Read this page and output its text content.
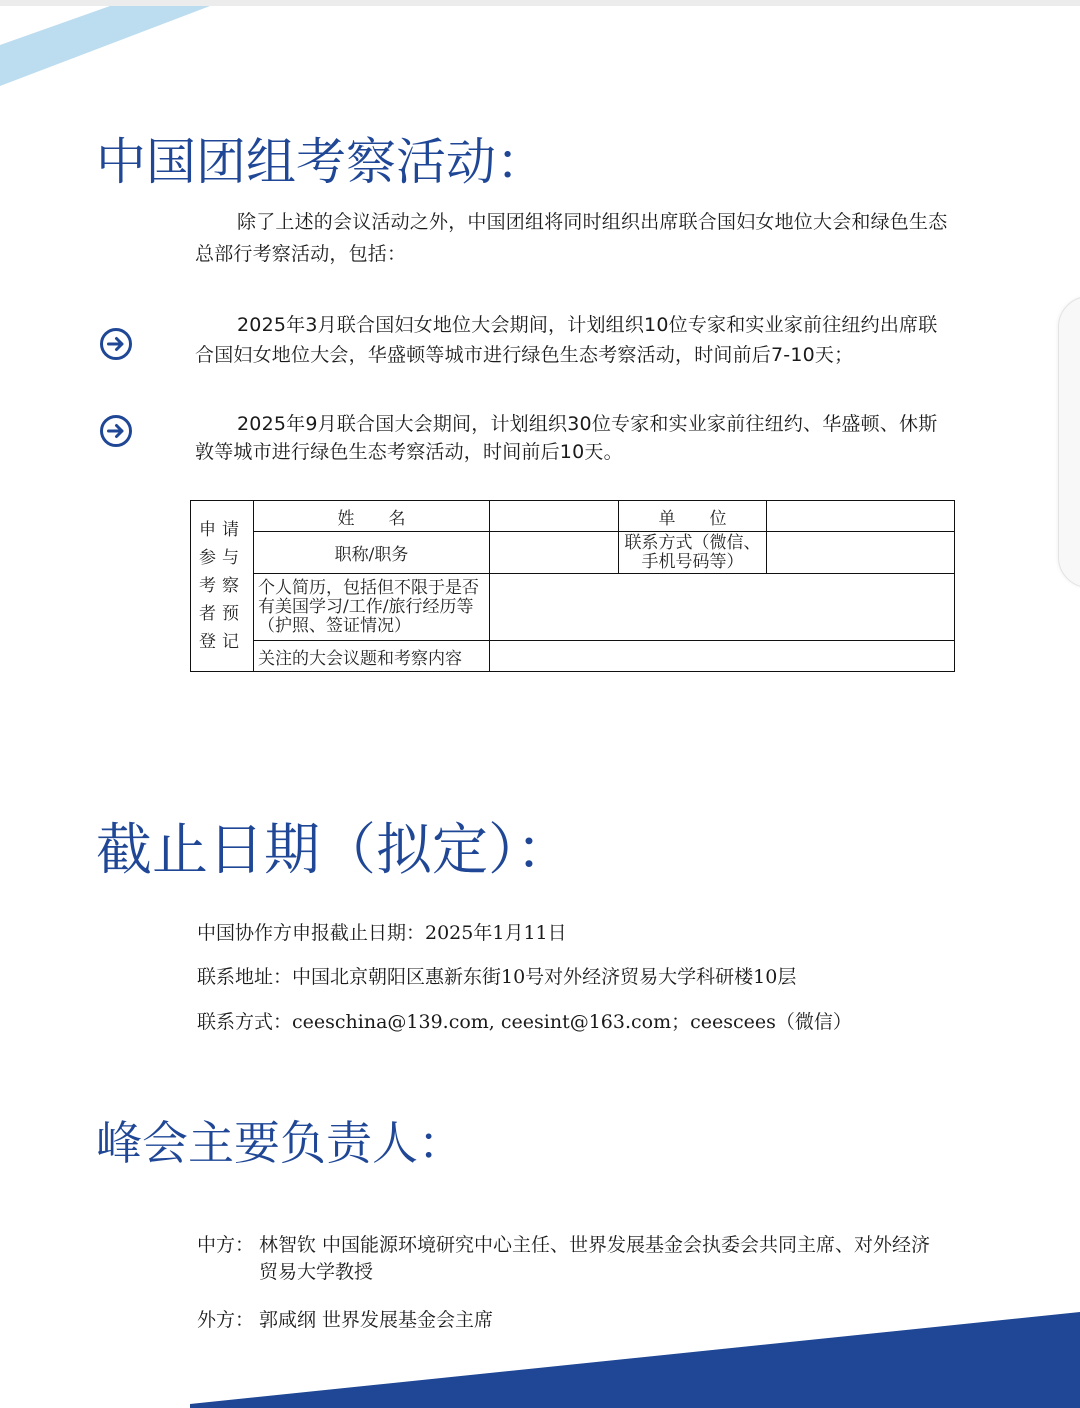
中国团组考察活动：

除了上述的会议活动之外，中国团组将同时组织出席联合国妇女地位大会和绿色生态总部行考察活动，包括：

2025年3月联合国妇女地位大会期间，计划组织10位专家和实业家前往纽约出席联合国妇女地位大会，华盛顿等城市进行绿色生态考察活动，时间前后7-10天；

2025年9月联合国大会期间，计划组织30位专家和实业家前往纽约、华盛顿、休斯敦等城市进行绿色生态考察活动，时间前后10天。

申请参与考察者预登记	姓　　名		单　　位	
	职称/职务		联系方式（微信、手机号码等）	
	个人简历，包括但不限于是否有美国学习/工作/旅行经历等（护照、签证情况）			
	关注的大会议题和考察内容			
截止日期（拟定）：

中国协作方申报截止日期：2025年1月11日

联系地址：中国北京朝阳区惠新东街10号对外经济贸易大学科研楼10层

联系方式：ceeschina@139.com, ceesint@163.com；ceescees（微信）

峰会主要负责人：
中方： 林智钦 中国能源环境研究中心主任、世界发展基金会执委会共同主席、对外经济贸易大学教授
外方： 郭咸纲 世界发展基金会主席
